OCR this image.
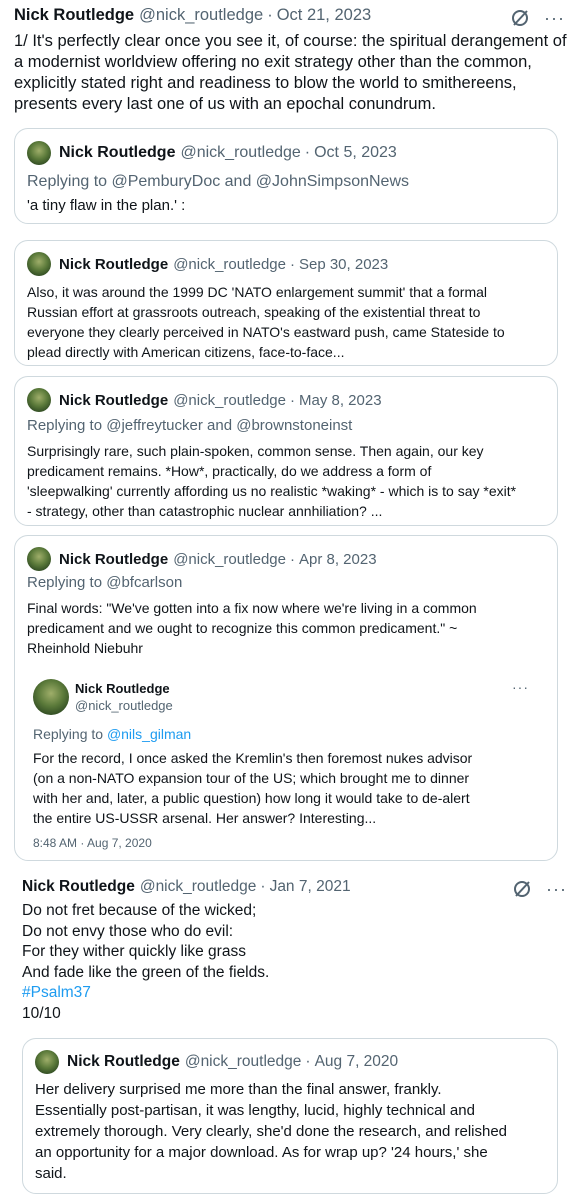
Nick Routledge @nick_routledge · Oct 21, 2023
1/ It's perfectly clear once you see it, of course: the spiritual derangement of
a modernist worldview offering no exit strategy other than the common,
explicitly stated right and readiness to blow the world to smithereens,
presents every last one of us with an epochal conundrum.
···
Nick Routledge @nick_routledge · Oct 5, 2023
Replying to @PemburyDoc and @JohnSimpsonNews
'a tiny flaw in the plan.' :
Nick Routledge @nick_routledge · Sep 30, 2023
Also, it was around the 1999 DC 'NATO enlargement summit' that a formal
Russian effort at grassroots outreach, speaking of the existential threat to
everyone they clearly perceived in NATO's eastward push, came Stateside to
plead directly with American citizens, face-to-face...
Nick Routledge @nick_routledge · May 8, 2023
Replying to @jeffreytucker and @brownstoneinst
Surprisingly rare, such plain-spoken, common sense. Then again, our key
predicament remains. *How*, practically, do we address a form of
'sleepwalking' currently affording us no realistic *waking* - which is to say *exit*
- strategy, other than catastrophic nuclear annhiliation? ...
Nick Routledge @nick_routledge · Apr 8, 2023
Replying to @bfcarlson
Final words: "We've gotten into a fix now where we're living in a common
predicament and we ought to recognize this common predicament." ~
Rheinhold Niebuhr
Nick Routledge
@nick_routledge
···
Replying to @nils_gilman
For the record, I once asked the Kremlin's then foremost nukes advisor
(on a non-NATO expansion tour of the US; which brought me to dinner
with her and, later, a public question) how long it would take to de-alert
the entire US-USSR arsenal. Her answer? Interesting...
8:48 AM · Aug 7, 2020
Nick Routledge @nick_routledge · Jan 7, 2021
Do not fret because of the wicked;
Do not envy those who do evil:
For they wither quickly like grass
And fade like the green of the fields.
#Psalm37
10/10
···
Nick Routledge @nick_routledge · Aug 7, 2020
Her delivery surprised me more than the final answer, frankly.
Essentially post-partisan, it was lengthy, lucid, highly technical and
extremely thorough. Very clearly, she'd done the research, and relished
an opportunity for a major download. As for wrap up? '24 hours,' she
said.
